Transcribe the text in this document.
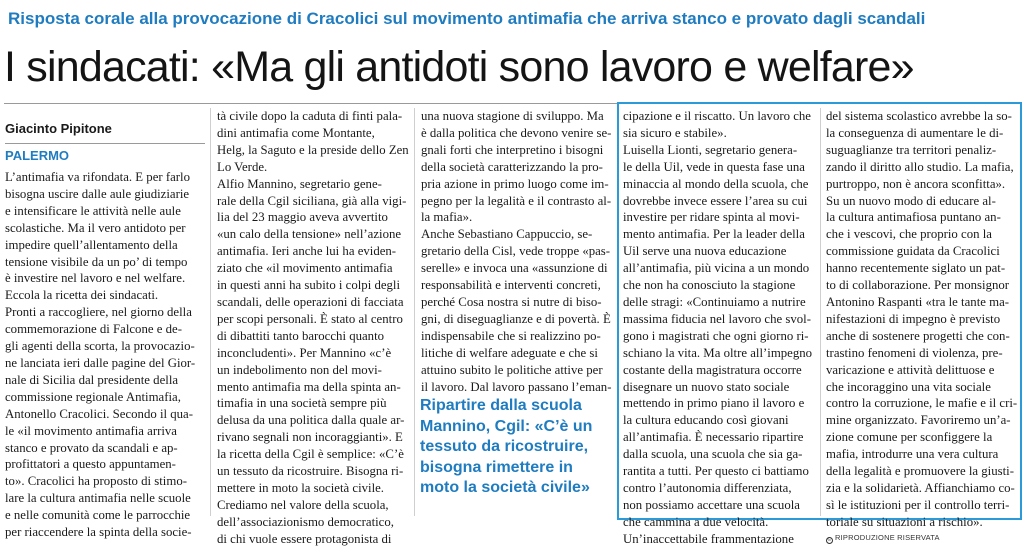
Risposta corale alla provocazione di Cracolici sul movimento antimafia che arriva stanco e provato dagli scandali
I sindacati: «Ma gli antidoti sono lavoro e welfare»
Giacinto Pipitone
PALERMO
L’antimafia va rifondata. E per farlo
bisogna uscire dalle aule giudiziarie
e intensificare le attività nelle aule
scolastiche. Ma il vero antidoto per
impedire quell’allentamento della
tensione visibile da un po’ di tempo
è investire nel lavoro e nel welfare.
Eccola la ricetta dei sindacati.
Pronti a raccogliere, nel giorno della
commemorazione di Falcone e de-
gli agenti della scorta, la provocazio-
ne lanciata ieri dalle pagine del Gior-
nale di Sicilia dal presidente della
commissione regionale Antimafia,
Antonello Cracolici. Secondo il qua-
le «il movimento antimafia arriva
stanco e provato da scandali e ap-
profittatori a questo appuntamen-
to». Cracolici ha proposto di stimo-
lare la cultura antimafia nelle scuole
e nelle comunità come le parrocchie
per riaccendere la spinta della socie-
tà civile dopo la caduta di finti pala-
dini antimafia come Montante,
Helg, la Saguto e la preside dello Zen
Lo Verde.
Alfio Mannino, segretario gene-
rale della Cgil siciliana, già alla vigi-
lia del 23 maggio aveva avvertito
«un calo della tensione» nell’azione
antimafia. Ieri anche lui ha eviden-
ziato che «il movimento antimafia
in questi anni ha subito i colpi degli
scandali, delle operazioni di facciata
per scopi personali. È stato al centro
di dibattiti tanto barocchi quanto
inconcludenti». Per Mannino «c’è
un indebolimento non del movi-
mento antimafia ma della spinta an-
timafia in una società sempre più
delusa da una politica dalla quale ar-
rivano segnali non incoraggianti». E
la ricetta della Cgil è semplice: «C’è
un tessuto da ricostruire. Bisogna ri-
mettere in moto la società civile.
Crediamo nel valore della scuola,
dell’associazionismo democratico,
di chi vuole essere protagonista di
una nuova stagione di sviluppo. Ma
è dalla politica che devono venire se-
gnali forti che interpretino i bisogni
della società caratterizzando la pro-
pria azione in primo luogo come im-
pegno per la legalità e il contrasto al-
la mafia».
Anche Sebastiano Cappuccio, se-
gretario della Cisl, vede troppe «pas-
serelle» e invoca una «assunzione di
responsabilità e interventi concreti,
perché Cosa nostra si nutre di biso-
gni, di diseguaglianze e di povertà. È
indispensabile che si realizzino po-
litiche di welfare adeguate e che si
attuino subito le politiche attive per
il lavoro. Dal lavoro passano l’eman-
Ripartire dalla scuola Mannino, Cgil: «C’è un tessuto da ricostruire, bisogna rimettere in moto la società civile»
cipazione e il riscatto. Un lavoro che
sia sicuro e stabile».
Luisella Lionti, segretario genera-
le della Uil, vede in questa fase una
minaccia al mondo della scuola, che
dovrebbe invece essere l’area su cui
investire per ridare spinta al movi-
mento antimafia. Per la leader della
Uil serve una nuova educazione
all’antimafia, più vicina a un mondo
che non ha conosciuto la stagione
delle stragi: «Continuiamo a nutrire
massima fiducia nel lavoro che svol-
gono i magistrati che ogni giorno ri-
schiano la vita. Ma oltre all’impegno
costante della magistratura occorre
disegnare un nuovo stato sociale
mettendo in primo piano il lavoro e
la cultura educando così giovani
all’antimafia. È necessario ripartire
dalla scuola, una scuola che sia ga-
rantita a tutti. Per questo ci battiamo
contro l’autonomia differenziata,
non possiamo accettare una scuola
che cammina a due velocità.
Un’inaccettabile frammentazione
del sistema scolastico avrebbe la so-
la conseguenza di aumentare le di-
suguaglianze tra territori penaliz-
zando il diritto allo studio. La mafia,
purtroppo, non è ancora sconfitta».
Su un nuovo modo di educare al-
la cultura antimafiosa puntano an-
che i vescovi, che proprio con la
commissione guidata da Cracolici
hanno recentemente siglato un pat-
to di collaborazione. Per monsignor
Antonino Raspanti «tra le tante ma-
nifestazioni di impegno è previsto
anche di sostenere progetti che con-
trastino fenomeni di violenza, pre-
varicazione e attività delittuose e
che incoraggino una vita sociale
contro la corruzione, le mafie e il cri-
mine organizzato. Favoriremo un’a-
zione comune per sconfiggere la
mafia, introdurre una vera cultura
della legalità e promuovere la giusti-
zia e la solidarietà. Affianchiamo co-
sì le istituzioni per il controllo terri-
toriale su situazioni a rischio».
© RIPRODUZIONE RISERVATA
